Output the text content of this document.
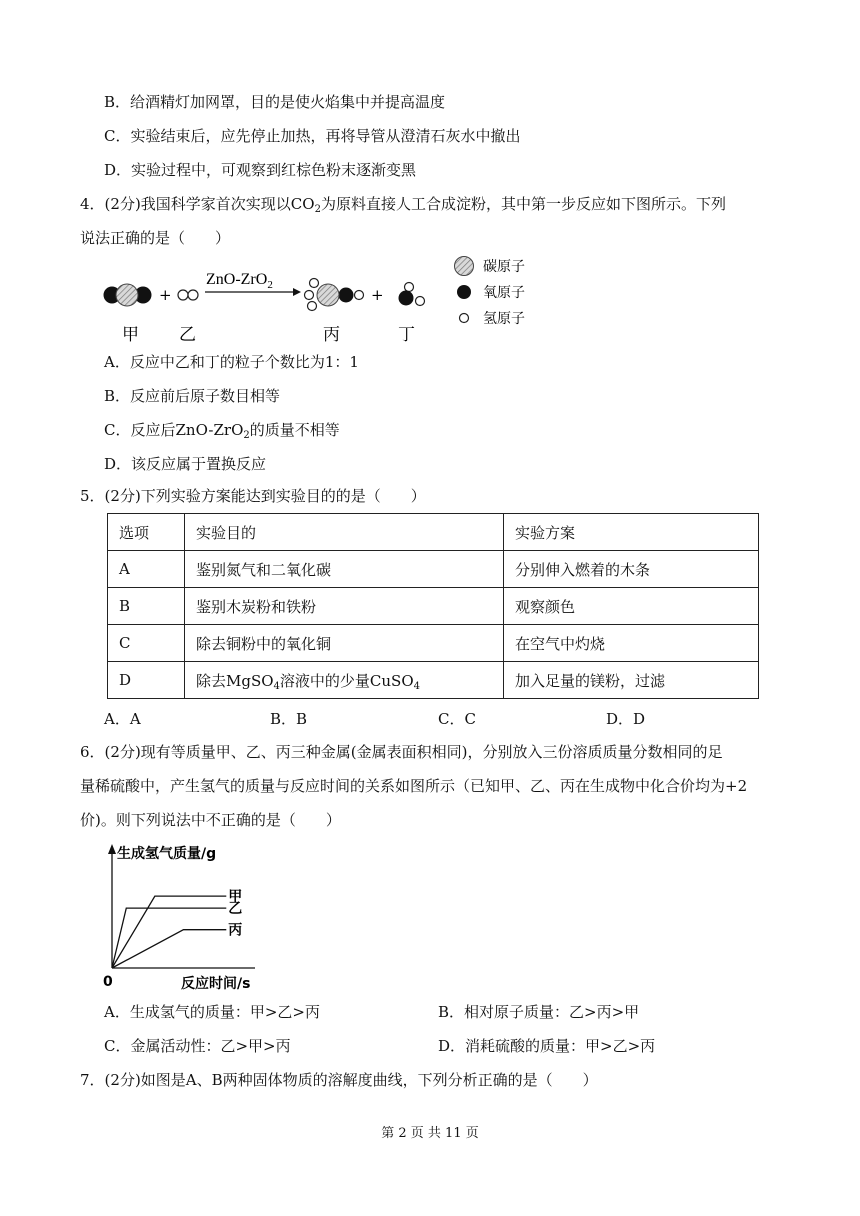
B．给酒精灯加网罩，目的是使火焰集中并提高温度
C．实验结束后，应先停止加热，再将导管从澄清石灰水中撤出
D．实验过程中，可观察到红棕色粉末逐渐变黑
4．(2分)我国科学家首次实现以$CO_2$为原料直接人工合成淀粉，其中第一步反应如下图所示。下列
说法正确的是（　　）
+
ZnO-ZrO$_2$
+
甲 乙	丙	丁
碳原子
氧原子
氢原子
A．反应中乙和丁的粒子个数比为1：1
B．反应前后原子数目相等
C．反应后ZnO-ZrO$_2$的质量不相等
D．该反应属于置换反应
5．(2分)下列实验方案能达到实验目的的是（　　）
选项	实验目的	实验方案
A	鉴别氮气和二氧化碳	分别伸入燃着的木条
B	鉴别木炭粉和铁粉	观察颜色
C	除去铜粉中的氧化铜	在空气中灼烧
D	除去MgSO$_4$溶液中的少量CuSO$_4$	加入足量的镁粉，过滤
A．A	B．B	C．C	D．D
6．(2分)现有等质量甲、乙、丙三种金属(金属表面积相同)，分别放入三份溶质质量分数相同的足
量稀硫酸中，产生氢气的质量与反应时间的关系如图所示（已知甲、乙、丙在生成物中化合价均为+2
价)。则下列说法中不正确的是（　　）
生成氢气质量/g
反应时间/s
0
甲
乙
丙
A．生成氢气的质量：甲>乙>丙	B．相对原子质量：乙>丙>甲
C．金属活动性：乙>甲>丙	D．消耗硫酸的质量：甲>乙>丙
7．(2分)如图是A、B两种固体物质的溶解度曲线，下列分析正确的是（　　）
第 2 页 共 11 页
